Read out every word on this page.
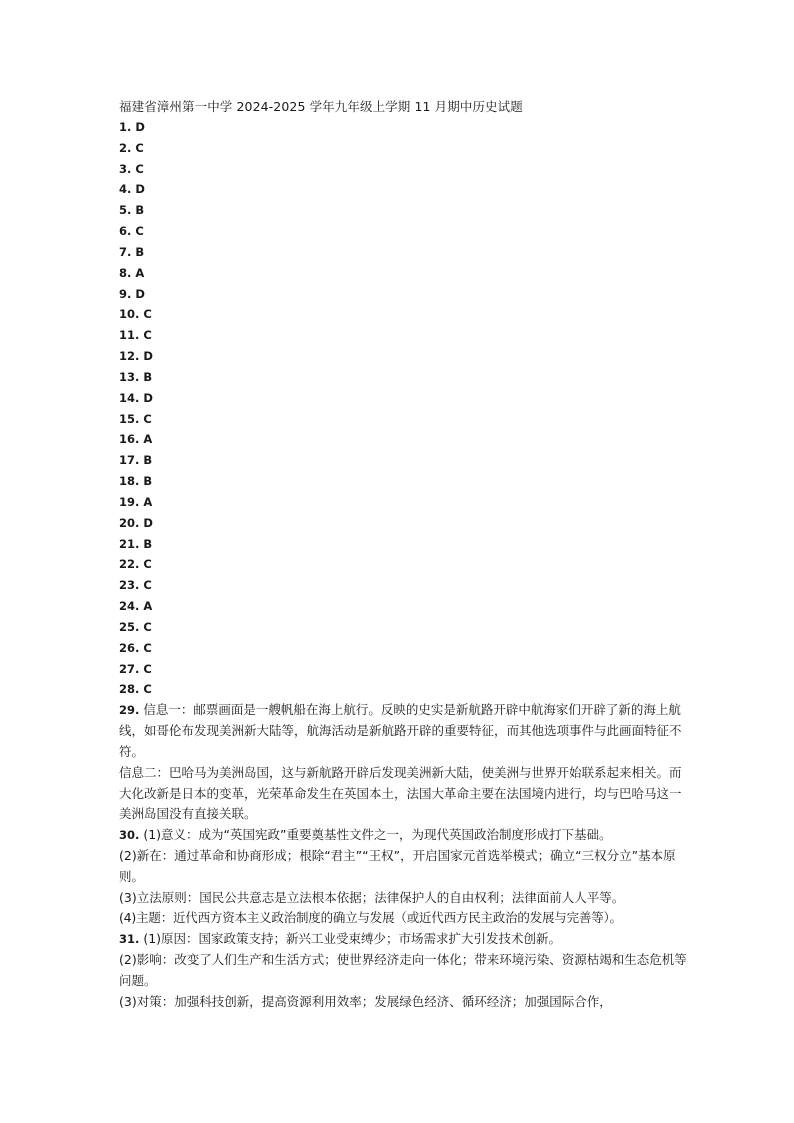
福建省漳州第一中学 2024-2025 学年九年级上学期 11 月期中历史试题
1. D
2. C
3. C
4. D
5. B
6. C
7. B
8. A
9. D
10. C
11. C
12. D
13. B
14. D
15. C
16. A
17. B
18. B
19. A
20. D
21. B
22. C
23. C
24. A
25. C
26. C
27. C
28. C

29. 信息一：邮票画面是一艘帆船在海上航行。反映的史实是新航路开辟中航海家们开辟了新的海上航线，如哥伦布发现美洲新大陆等，航海活动是新航路开辟的重要特征，而其他选项事件与此画面特征不符。

信息二：巴哈马为美洲岛国，这与新航路开辟后发现美洲新大陆，使美洲与世界开始联系起来相关。而大化改新是日本的变革，光荣革命发生在英国本土，法国大革命主要在法国境内进行，均与巴哈马这一美洲岛国没有直接关联。

30. (1)意义：成为“英国宪政”重要奠基性文件之一，为现代英国政治制度形成打下基础。

(2)新在：通过革命和协商形成；根除“君主”“王权”，开启国家元首选举模式；确立“三权分立”基本原则。

(3)立法原则：国民公共意志是立法根本依据；法律保护人的自由权利；法律面前人人平等。

(4)主题：近代西方资本主义政治制度的确立与发展（或近代西方民主政治的发展与完善等）。

31. (1)原因：国家政策支持；新兴工业受束缚少；市场需求扩大引发技术创新。

(2)影响：改变了人们生产和生活方式；使世界经济走向一体化；带来环境污染、资源枯竭和生态危机等问题。

(3)对策：加强科技创新，提高资源利用效率；发展绿色经济、循环经济；加强国际合作，
